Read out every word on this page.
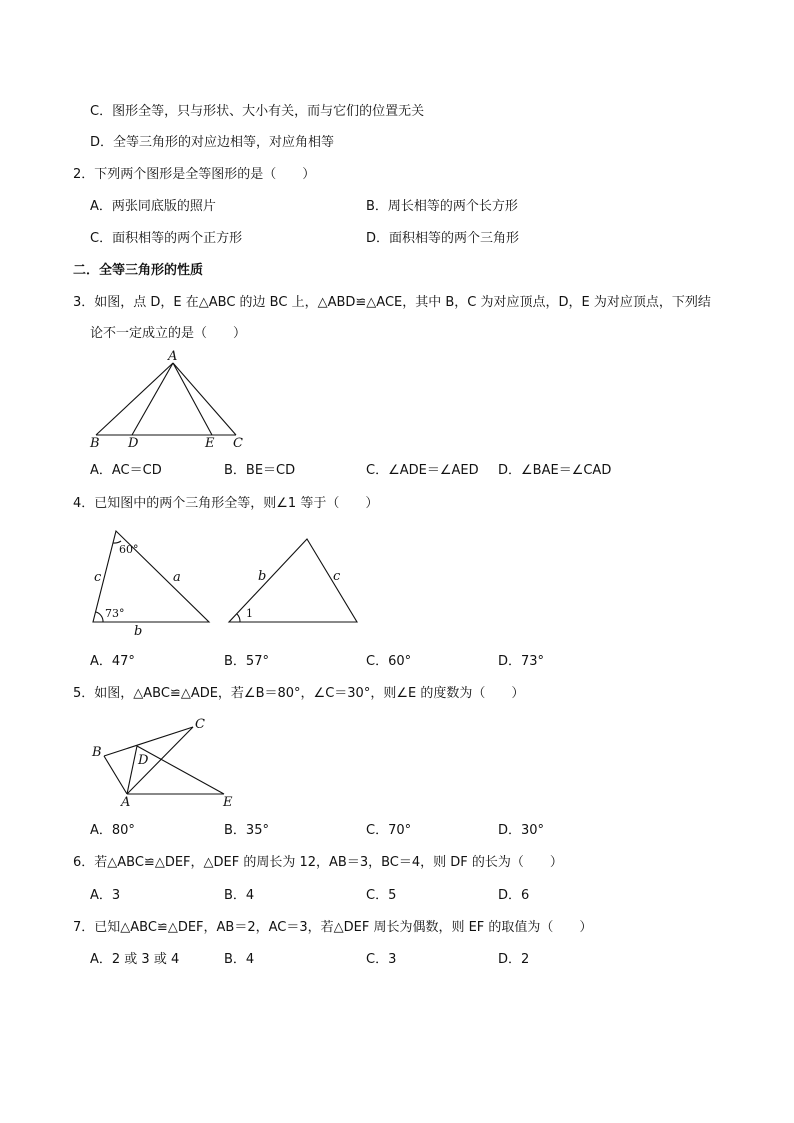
C．图形全等，只与形状、大小有关，而与它们的位置无关
D．全等三角形的对应边相等，对应角相等
2．下列两个图形是全等图形的是（　　）
A．两张同底版的照片	B．周长相等的两个长方形
C．面积相等的两个正方形	D．面积相等的两个三角形
二．全等三角形的性质
3．如图，点 D，E 在△ABC 的边 BC 上，△ABD≌△ACE，其中 B，C 为对应顶点，D，E 为对应顶点，下列结
论不一定成立的是（　　）
A
B D	E C
60°
73°
c	a
b
b	c
1
B
C
D
A	E
A．AC＝CD	B．BE＝CD	C．∠ADE＝∠AED D．∠BAE＝∠CAD
4．已知图中的两个三角形全等，则∠1 等于（　　）
A．47°	B．57°	C．60°	D．73°
5．如图，△ABC≌△ADE，若∠B＝80°，∠C＝30°，则∠E 的度数为（　　）
A．80°	B．35°	C．70°	D．30°
6．若△ABC≌△DEF，△DEF 的周长为 12，AB＝3，BC＝4，则 DF 的长为（　　）
A．3	B．4	C．5	D．6
7．已知△ABC≌△DEF，AB＝2，AC＝3，若△DEF 周长为偶数，则 EF 的取值为（　　）
A．2 或 3 或 4	B．4	C．3	D．2
